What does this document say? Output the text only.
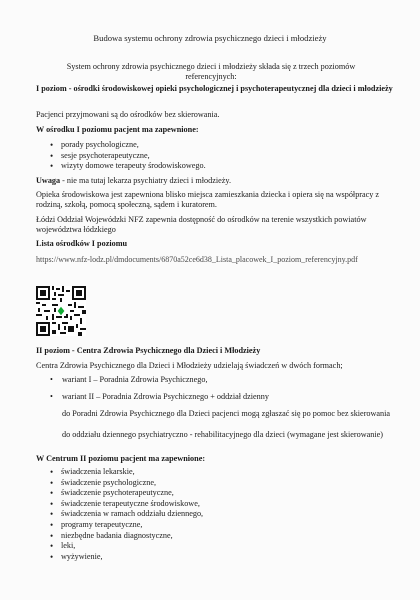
Budowa systemu ochrony zdrowia psychicznego dzieci i młodzieży
System ochrony zdrowia psychicznego dzieci i młodzieży składa się z trzech poziomów referencyjnych:
I poziom - ośrodki środowiskowej opieki psychologicznej i psychoterapeutycznej dla dzieci i młodzieży
Pacjenci przyjmowani są do ośrodków bez skierowania.
W ośrodku I poziomu pacjent ma zapewnione:
• porady psychologiczne,
• sesje psychoterapeutyczne,
• wizyty domowe terapeuty środowiskowego.
Uwaga - nie ma tutaj lekarza psychiatry dzieci i młodzieży.
Opieka środowiskowa jest zapewniona blisko miejsca zamieszkania dziecka i opiera się na współpracy z rodziną, szkołą, pomocą społeczną, sądem i kuratorem.
Łódzi Oddział Wojewódzki NFZ zapewnia dostępność do ośrodków na terenie wszystkich powiatów województwa łódzkiego
Lista ośrodków I poziomu
https://www.nfz-lodz.pl/dmdocuments/6870a52ce6d38_Lista_placowek_I_poziom_referencyjny.pdf
II poziom - Centra Zdrowia Psychicznego dla Dzieci i Młodzieży
Centra Zdrowia Psychicznego dla Dzieci i Młodzieży udzielają świadczeń w dwóch formach;
• wariant I – Poradnia Zdrowia Psychicznego,
• wariant II – Poradnia Zdrowia Psychicznego + oddział dzienny
do Poradni Zdrowia Psychicznego dla Dzieci pacjenci mogą zgłaszać się po pomoc bez skierowania
do oddziału dziennego psychiatryczno - rehabilitacyjnego dla dzieci (wymagane jest skierowanie)
W Centrum II poziomu pacjent ma zapewnione:
• świadczenia lekarskie,
• świadczenie psychologiczne,
• świadczenie psychoterapeutyczne,
• świadczenie terapeutyczne środowiskowe,
• świadczenia w ramach oddziału dziennego,
• programy terapeutyczne,
• niezbędne badania diagnostyczne,
• leki,
• wyżywienie,
